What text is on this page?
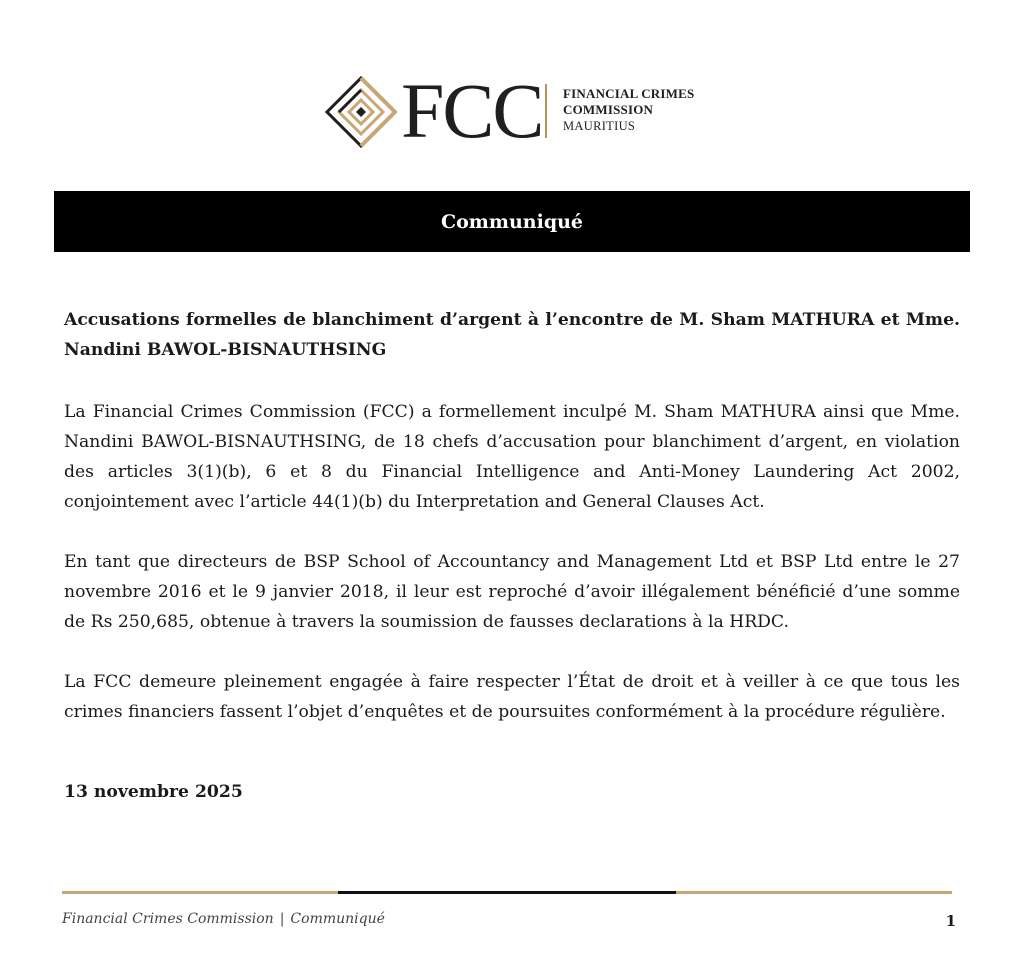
FCC FINANCIAL CRIMES
COMMISSION
MAURITIUS
Communiqué

Accusations formelles de blanchiment d’argent à l’encontre de M. Sham MATHURA et Mme. Nandini BAWOL-BISNAUTHSING

La Financial Crimes Commission (FCC) a formellement inculpé M. Sham MATHURA ainsi que Mme. Nandini BAWOL-BISNAUTHSING, de 18 chefs d’accusation pour blanchiment d’argent, en violation des articles 3(1)(b), 6 et 8 du Financial Intelligence and Anti-Money Laundering Act 2002, conjointement avec l’article 44(1)(b) du Interpretation and General Clauses Act.

En tant que directeurs de BSP School of Accountancy and Management Ltd et BSP Ltd entre le 27 novembre 2016 et le 9 janvier 2018, il leur est reproché d’avoir illégalement bénéficié d’une somme de Rs 250,685, obtenue à travers la soumission de fausses declarations à la HRDC.

La FCC demeure pleinement engagée à faire respecter l’État de droit et à veiller à ce que tous les crimes financiers fassent l’objet d’enquêtes et de poursuites conformément à la procédure régulière.

13 novembre 2025
Financial Crimes Commission | Communiqué	1
